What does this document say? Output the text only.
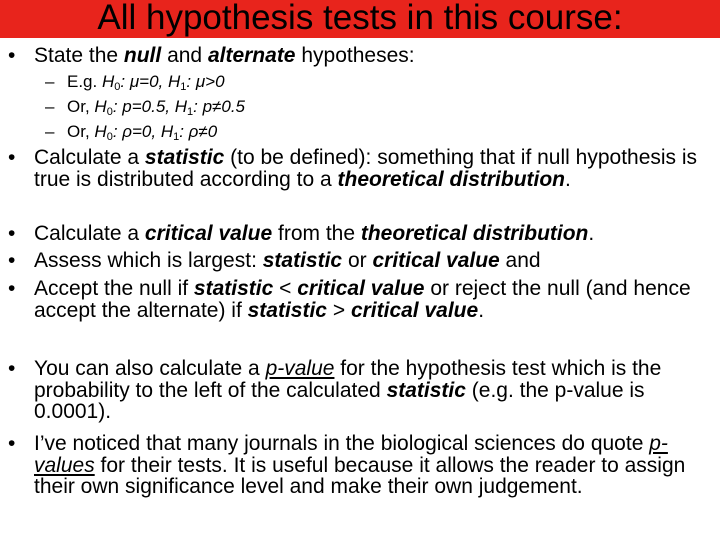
All hypothesis tests in this course:
• State the null and alternate hypotheses:
– E.g. $H_0$: μ=0, $H_1$: μ>0
– Or, $H_0$: p=0.5, $H_1$: p≠0.5
– Or, $H_0$: ρ=0, $H_1$: ρ≠0
• Calculate a statistic (to be defined): something that if null hypothesis is true is distributed according to a theoretical distribution.
• Calculate a critical value from the theoretical distribution.
• Assess which is largest: statistic or critical value and
• Accept the null if statistic < critical value or reject the null (and hence accept the alternate) if statistic > critical value.
• You can also calculate a p-value for the hypothesis test which is the probability to the left of the calculated statistic (e.g. the p-value is 0.0001).
• I’ve noticed that many journals in the biological sciences do quote p-values for their tests. It is useful because it allows the reader to assign their own significance level and make their own judgement.
